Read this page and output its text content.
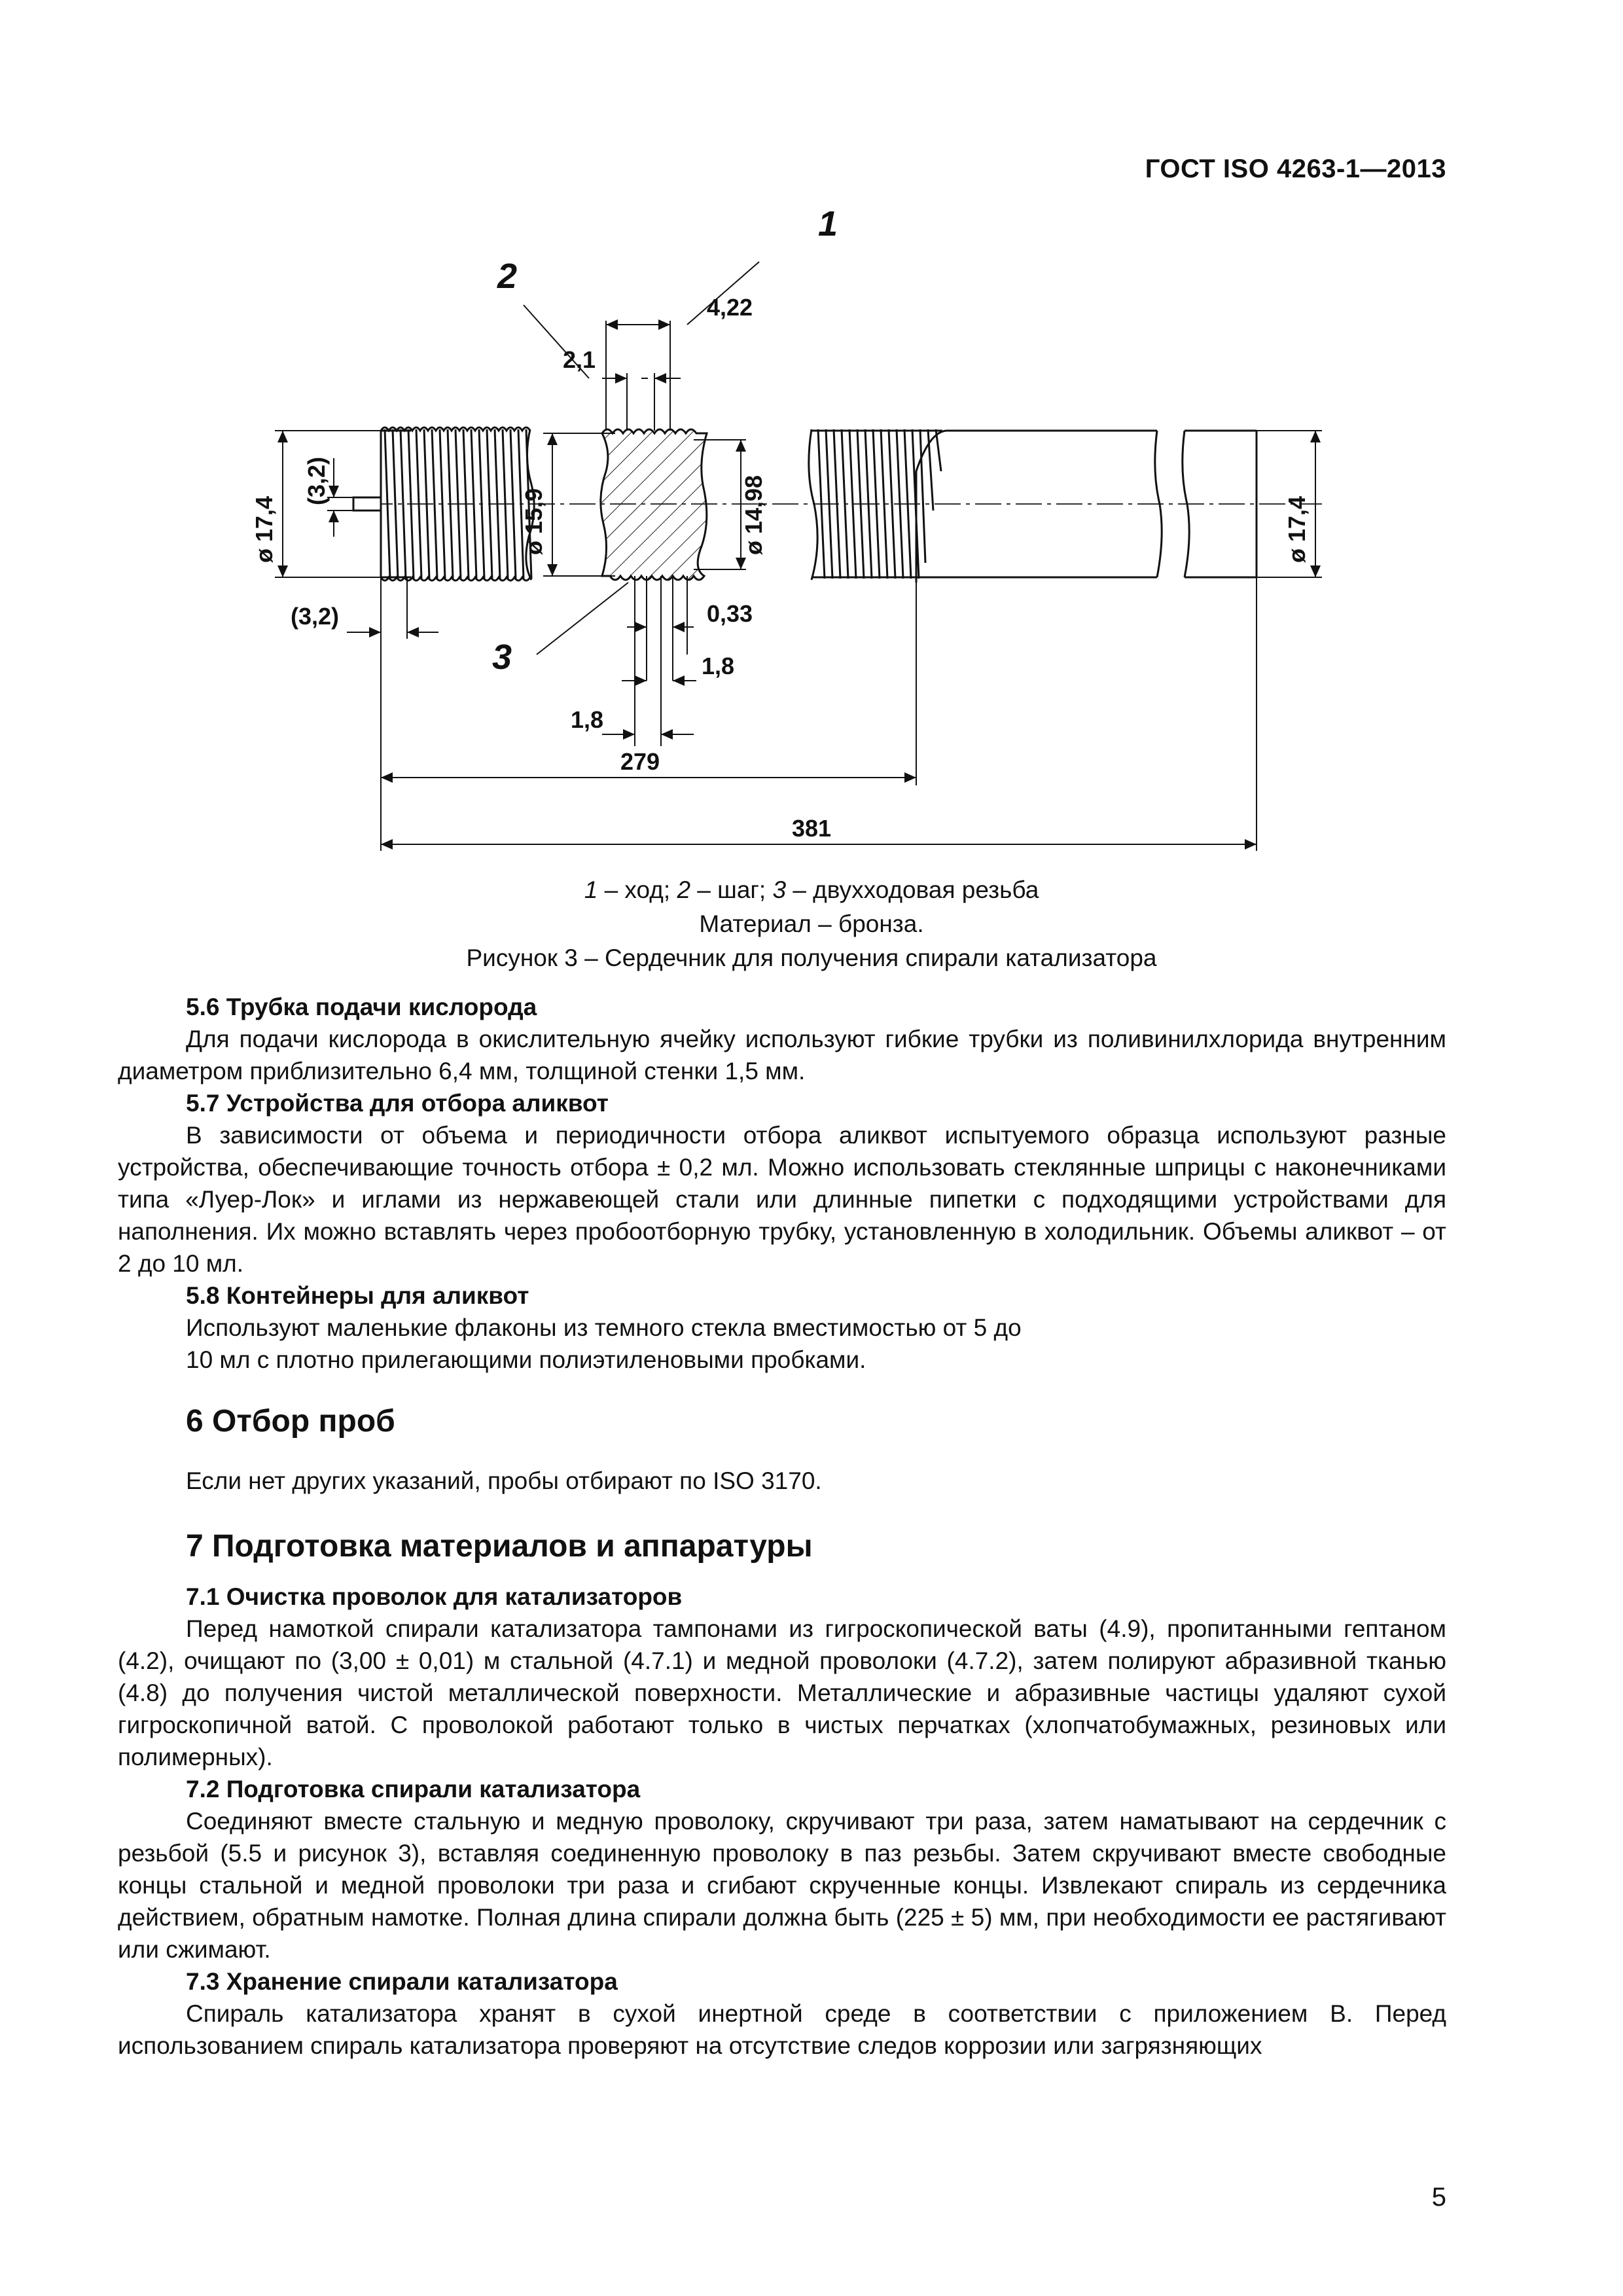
ГОСТ ISO 4263-1—2013
1
2
3
4,22
2,1
0,33
1,8
1,8
279
381
(3,2)
ø 17,4
(3,2)
ø 15,9	ø 14,98	ø 17,4
1 – ход; 2 – шаг; 3 – двухходовая резьба
Материал – бронза.
Рисунок 3 – Сердечник для получения спирали катализатора

5.6 Трубка подачи кислорода

Для подачи кислорода в окислительную ячейку используют гибкие трубки из поливинилхлорида внутренним диаметром приблизительно 6,4 мм, толщиной стенки 1,5 мм.

5.7 Устройства для отбора аликвот

В зависимости от объема и периодичности отбора аликвот испытуемого образца используют разные устройства, обеспечивающие точность отбора ± 0,2 мл. Можно использовать стеклянные шприцы с наконечниками типа «Луер-Лок» и иглами из нержавеющей стали или длинные пипетки с подходящими устройствами для наполнения. Их можно вставлять через пробоотборную трубку, установленную в холодильник. Объемы аликвот – от 2 до 10 мл.

5.8 Контейнеры для аликвот

Используют маленькие флаконы из темного стекла вместимостью от 5 до

10 мл с плотно прилегающими полиэтиленовыми пробками.

6 Отбор проб

Если нет других указаний, пробы отбирают по ISO 3170.

7 Подготовка материалов и аппаратуры

7.1 Очистка проволок для катализаторов

Перед намоткой спирали катализатора тампонами из гигроскопической ваты (4.9), пропитанными гептаном (4.2), очищают по (3,00 ± 0,01) м стальной (4.7.1) и медной проволоки (4.7.2), затем полируют абразивной тканью (4.8) до получения чистой металлической поверхности. Металлические и абразивные частицы удаляют сухой гигроскопичной ватой. С проволокой работают только в чистых перчатках (хлопчатобумажных, резиновых или полимерных).

7.2 Подготовка спирали катализатора

Соединяют вместе стальную и медную проволоку, скручивают три раза, затем наматывают на сердечник с резьбой (5.5 и рисунок 3), вставляя соединенную проволоку в паз резьбы. Затем скручивают вместе свободные концы стальной и медной проволоки три раза и сгибают скрученные концы. Извлекают спираль из сердечника действием, обратным намотке. Полная длина спирали должна быть (225 ± 5) мм, при необходимости ее растягивают или сжимают.

7.3 Хранение спирали катализатора

Спираль катализатора хранят в сухой инертной среде в соответствии с приложением В. Перед использованием спираль катализатора проверяют на отсутствие следов коррозии или загрязняющих

5
